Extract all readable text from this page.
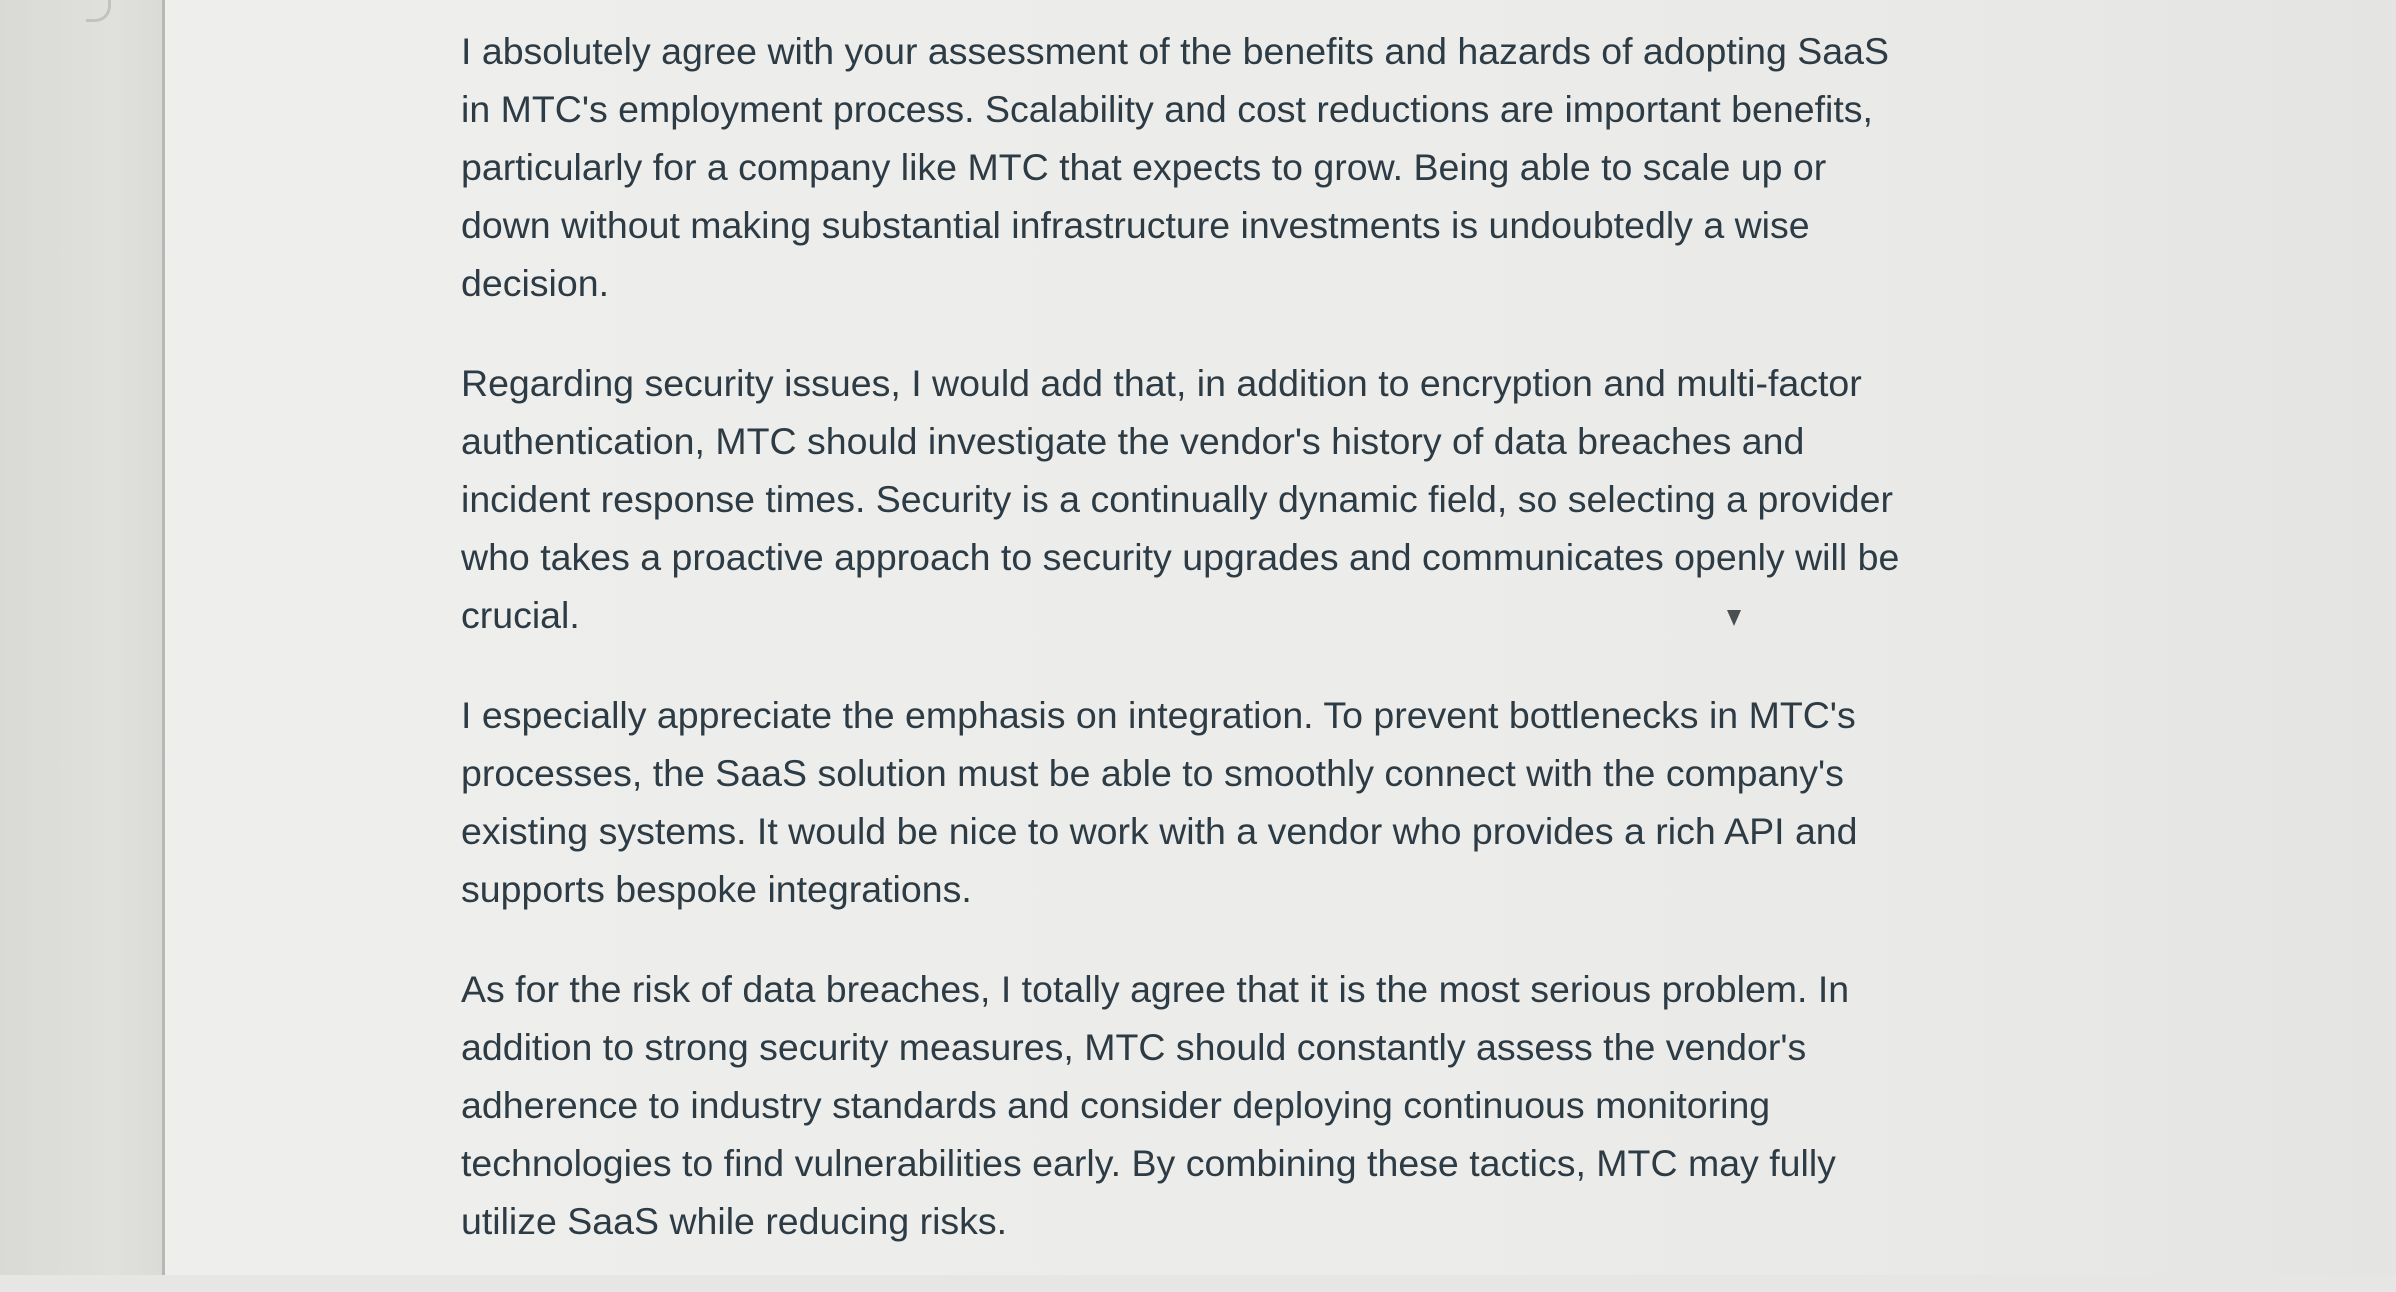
I absolutely agree with your assessment of the benefits and hazards of adopting SaaS in MTC's employment process. Scalability and cost reductions are important benefits, particularly for a company like MTC that expects to grow. Being able to scale up or down without making substantial infrastructure investments is undoubtedly a wise decision.

Regarding security issues, I would add that, in addition to encryption and multi-factor authentication, MTC should investigate the vendor's history of data breaches and incident response times. Security is a continually dynamic field, so selecting a provider who takes a proactive approach to security upgrades and communicates openly will be crucial.

I especially appreciate the emphasis on integration. To prevent bottlenecks in MTC's processes, the SaaS solution must be able to smoothly connect with the company's existing systems. It would be nice to work with a vendor who provides a rich API and supports bespoke integrations.

As for the risk of data breaches, I totally agree that it is the most serious problem. In addition to strong security measures, MTC should constantly assess the vendor's adherence to industry standards and consider deploying continuous monitoring technologies to find vulnerabilities early. By combining these tactics, MTC may fully utilize SaaS while reducing risks.
